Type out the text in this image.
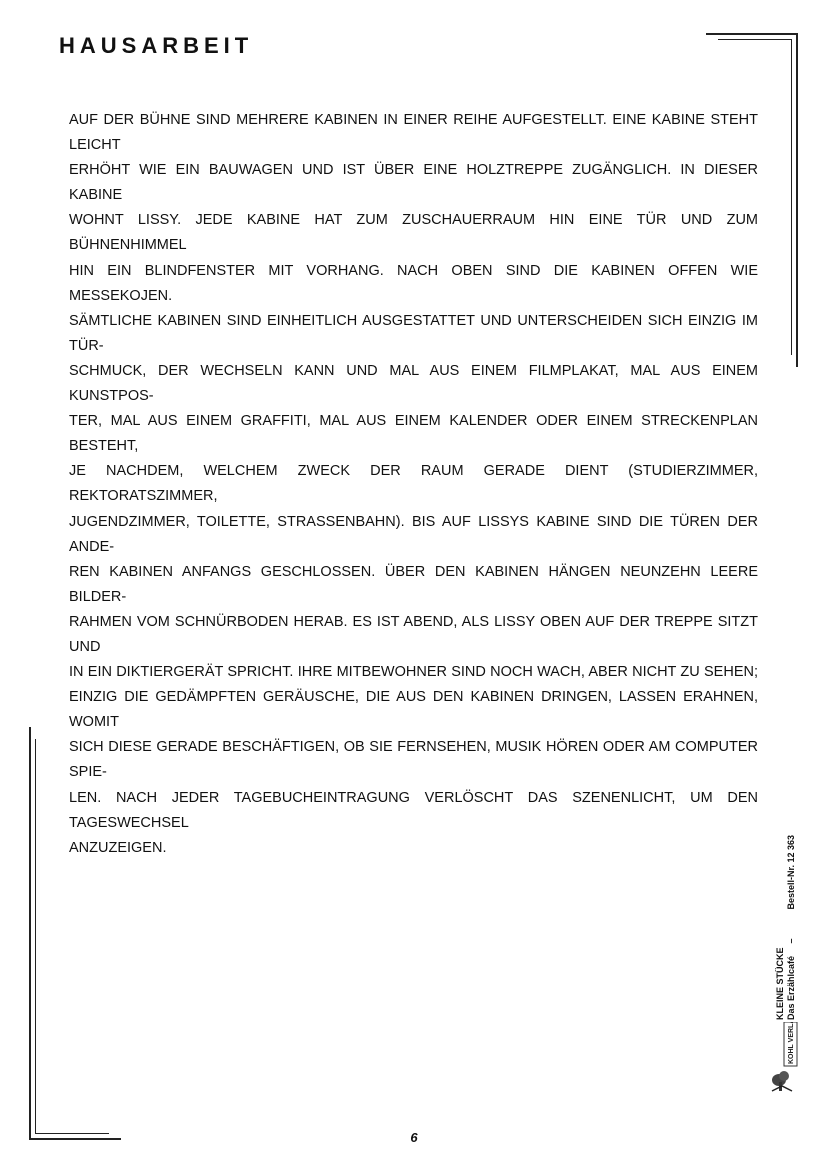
HAUSARBEIT

AUF DER BÜHNE SIND MEHRERE KABINEN IN EINER REIHE AUFGESTELLT. EINE KABINE STEHT LEICHT
ERHÖHT WIE EIN BAUWAGEN UND IST ÜBER EINE HOLZTREPPE ZUGÄNGLICH. IN DIESER KABINE
WOHNT LISSY. JEDE KABINE HAT ZUM ZUSCHAUERRAUM HIN EINE TÜR UND ZUM BÜHNENHIMMEL
HIN EIN BLINDFENSTER MIT VORHANG. NACH OBEN SIND DIE KABINEN OFFEN WIE MESSEKOJEN.
SÄMTLICHE KABINEN SIND EINHEITLICH AUSGESTATTET UND UNTERSCHEIDEN SICH EINZIG IM TÜR-
SCHMUCK, DER WECHSELN KANN UND MAL AUS EINEM FILMPLAKAT, MAL AUS EINEM KUNSTPOS-
TER, MAL AUS EINEM GRAFFITI, MAL AUS EINEM KALENDER ODER EINEM STRECKENPLAN BESTEHT,
JE NACHDEM, WELCHEM ZWECK DER RAUM GERADE DIENT (STUDIERZIMMER, REKTORATSZIMMER,
JUGENDZIMMER, TOILETTE, STRASSENBAHN). BIS AUF LISSYS KABINE SIND DIE TÜREN DER ANDE-
REN KABINEN ANFANGS GESCHLOSSEN. ÜBER DEN KABINEN HÄNGEN NEUNZEHN LEERE BILDER-
RAHMEN VOM SCHNÜRBODEN HERAB. ES IST ABEND, ALS LISSY OBEN AUF DER TREPPE SITZT UND
IN EIN DIKTIERGERÄT SPRICHT. IHRE MITBEWOHNER SIND NOCH WACH, ABER NICHT ZU SEHEN;
EINZIG DIE GEDÄMPFTEN GERÄUSCHE, DIE AUS DEN KABINEN DRINGEN, LASSEN ERAHNEN, WOMIT
SICH DIESE GERADE BESCHÄFTIGEN, OB SIE FERNSEHEN, MUSIK HÖREN ODER AM COMPUTER SPIE-
LEN. NACH JEDER TAGEBUCHEINTRAGUNG VERLÖSCHT DAS SZENENLICHT, UM DEN TAGESWECHSEL
ANZUZEIGEN.

6
KLEINE STÜCKE Das Erzählcafé     –
Bestell-Nr. 12 363
KOHL VERLAG
